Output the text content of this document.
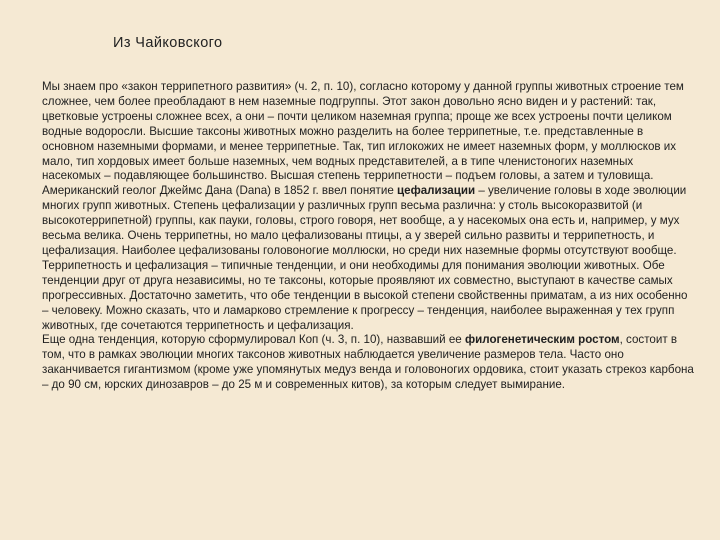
Из Чайковского

Мы знаем про «закон террипетного развития» (ч. 2, п. 10), согласно которому у данной группы животных строение тем сложнее, чем более преобладают в нем наземные подгруппы. Этот закон довольно ясно виден и у растений: так, цветковые устроены сложнее всех, а они – почти целиком наземная группа; проще же всех устроены почти целиком водные водоросли. Высшие таксоны животных можно разделить на более террипетные, т.е. представленные в основном наземными формами, и менее террипетные. Так, тип иглокожих не имеет наземных форм, у моллюсков их мало, тип хордовых имеет больше наземных, чем водных представителей, а в типе членистоногих наземных насекомых – подавляющее большинство. Высшая степень террипетности – подъем головы, а затем и туловища.

Американский геолог Джеймс Дана (Dana) в 1852 г. ввел понятие цефализации – увеличение головы в ходе эволюции многих групп животных. Степень цефализации у различных групп весьма различна: у столь высокоразвитой (и высокотеррипетной) группы, как пауки, головы, строго говоря, нет вообще, а у насекомых она есть и, например, у мух весьма велика. Очень террипетны, но мало цефализованы птицы, а у зверей сильно развиты и террипетность, и цефализация. Наиболее цефализованы головоногие моллюски, но среди них наземные формы отсутствуют вообще.

Террипетность и цефализация – типичные тенденции, и они необходимы для понимания эволюции животных. Обе тенденции друг от друга независимы, но те таксоны, которые проявляют их совместно, выступают в качестве самых прогрессивных. Достаточно заметить, что обе тенденции в высокой степени свойственны приматам, а из них особенно – человеку. Можно сказать, что и ламарково стремление к прогрессу – тенденция, наиболее выраженная у тех групп животных, где сочетаются террипетность и цефализация.

Еще одна тенденция, которую сформулировал Коп (ч. 3, п. 10), назвавший ее филогенетическим ростом, состоит в том, что в рамках эволюции многих таксонов животных наблюдается увеличение размеров тела. Часто оно заканчивается гигантизмом (кроме уже упомянутых медуз венда и головоногих ордовика, стоит указать стрекоз карбона – до 90 см, юрских динозавров – до 25 м и современных китов), за которым следует вымирание.
